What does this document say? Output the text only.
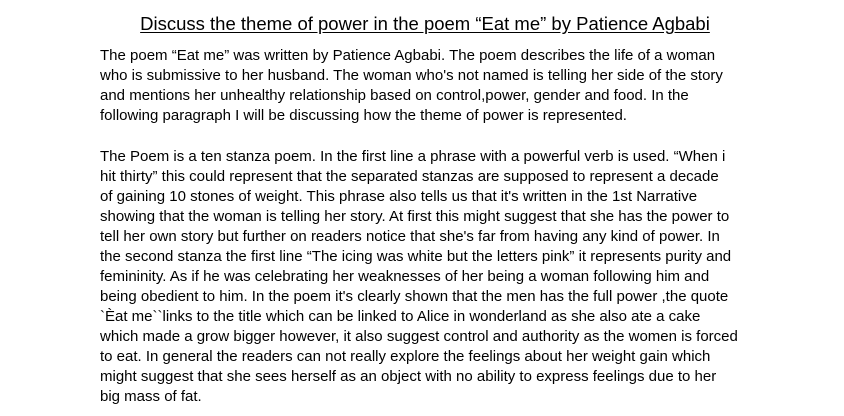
Discuss the theme of power in the poem “Eat me” by Patience Agbabi
The poem “Eat me” was written by Patience Agbabi. The poem describes the life of a woman
who is submissive to her husband. The woman who's not named is telling her side of the story
and mentions her unhealthy relationship based on control,power, gender and food. In the
following paragraph I will be discussing how the theme of power is represented.
The Poem is a ten stanza poem. In the first line a phrase with a powerful verb is used. “When i
hit thirty” this could represent that the separated stanzas are supposed to represent a decade
of gaining 10 stones of weight. This phrase also tells us that it's written in the 1st Narrative
showing that the woman is telling her story. At first this might suggest that she has the power to
tell her own story but further on readers notice that she's far from having any kind of power. In
the second stanza the first line “The icing was white but the letters pink” it represents purity and
femininity. As if he was celebrating her weaknesses of her being a woman following him and
being obedient to him. In the poem it's clearly shown that the men has the full power ,the quote
`Èat me``links to the title which can be linked to Alice in wonderland as she also ate a cake
which made a grow bigger however, it also suggest control and authority as the women is forced
to eat. In general the readers can not really explore the feelings about her weight gain which
might suggest that she sees herself as an object with no ability to express feelings due to her
big mass of fat.
